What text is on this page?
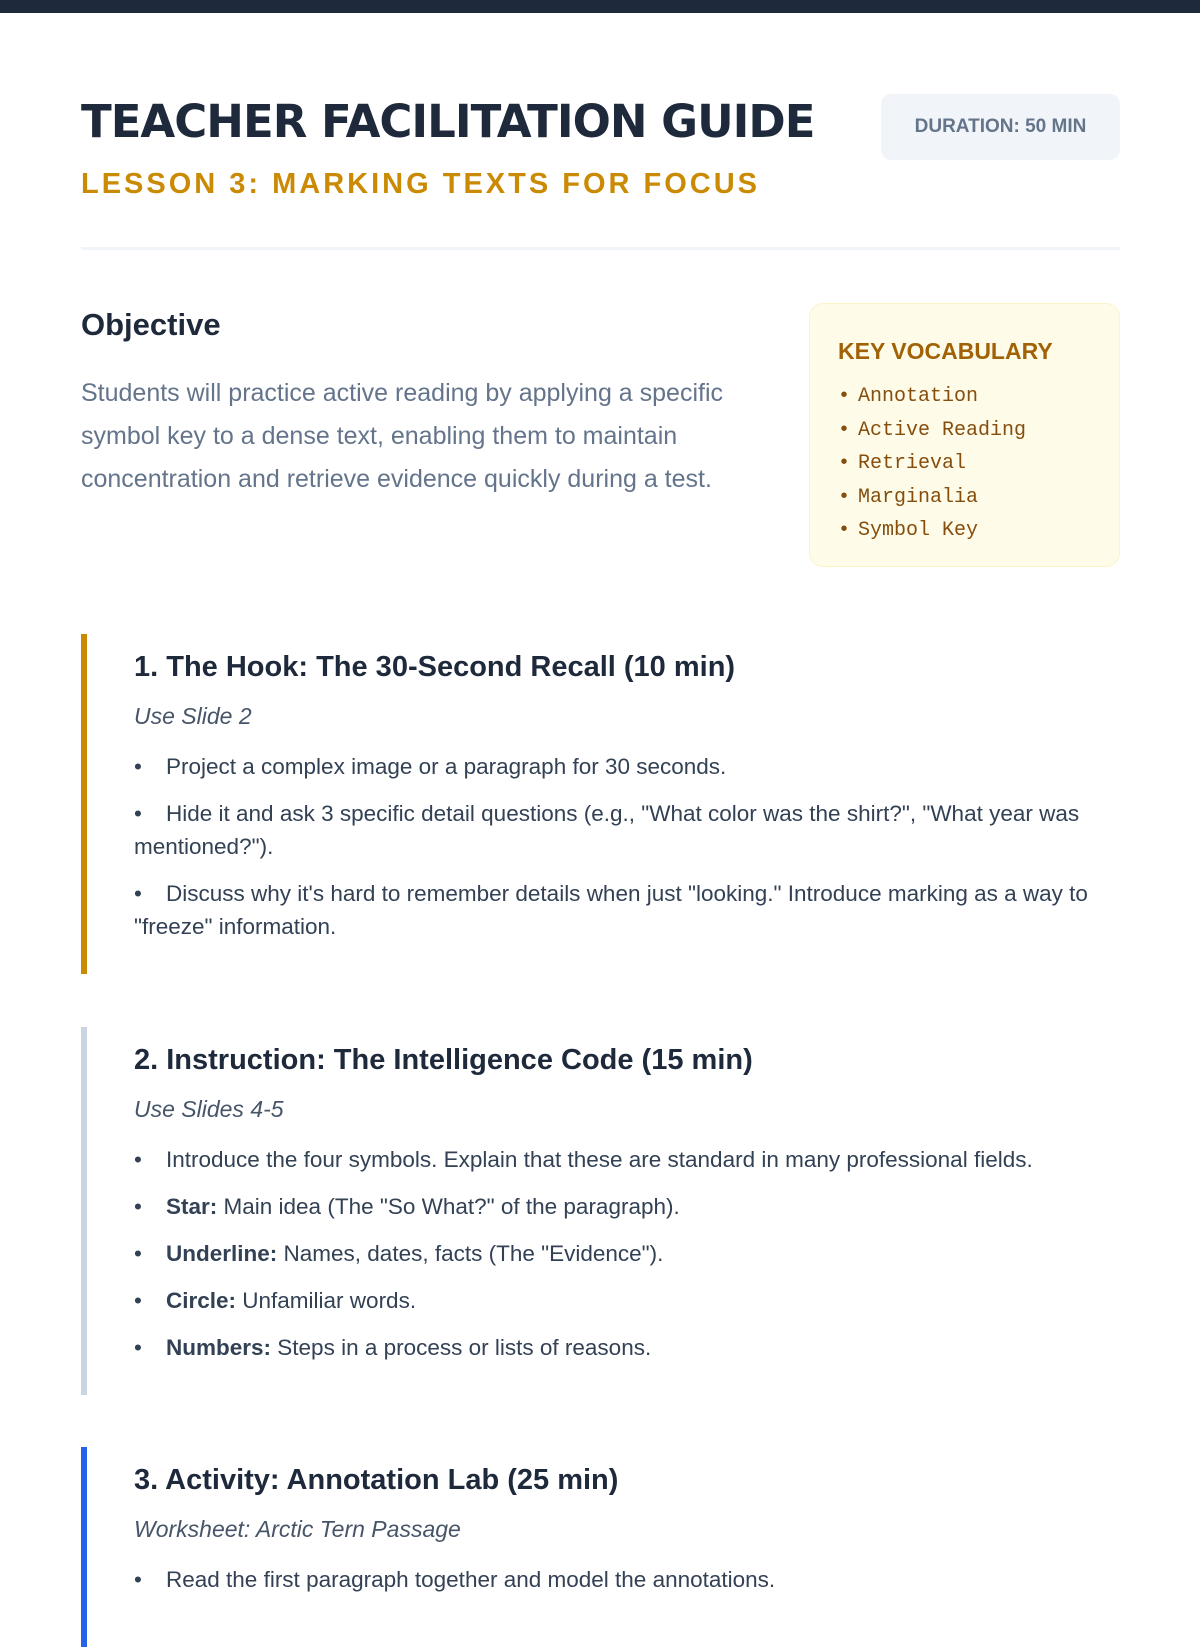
TEACHER FACILITATION GUIDE	DURATION: 50 MIN
LESSON 3: MARKING TEXTS FOR FOCUS
Objective

Students will practice active reading by applying a specific symbol key to a dense text, enabling them to maintain concentration and retrieve evidence quickly during a test.

KEY VOCABULARY
• Annotation
• Active Reading
• Retrieval
• Marginalia
• Symbol Key
1. The Hook: The 30-Second Recall (10 min)

Use Slide 2

• Project a complex image or a paragraph for 30 seconds.
• Hide it and ask 3 specific detail questions (e.g., "What color was the shirt?", "What year was mentioned?").
• Discuss why it's hard to remember details when just "looking." Introduce marking as a way to "freeze" information.
2. Instruction: The Intelligence Code (15 min)

Use Slides 4-5

• Introduce the four symbols. Explain that these are standard in many professional fields.
• Star: Main idea (The "So What?" of the paragraph).
• Underline: Names, dates, facts (The "Evidence").
• Circle: Unfamiliar words.
• Numbers: Steps in a process or lists of reasons.
3. Activity: Annotation Lab (25 min)

Worksheet: Arctic Tern Passage

• Read the first paragraph together and model the annotations.
